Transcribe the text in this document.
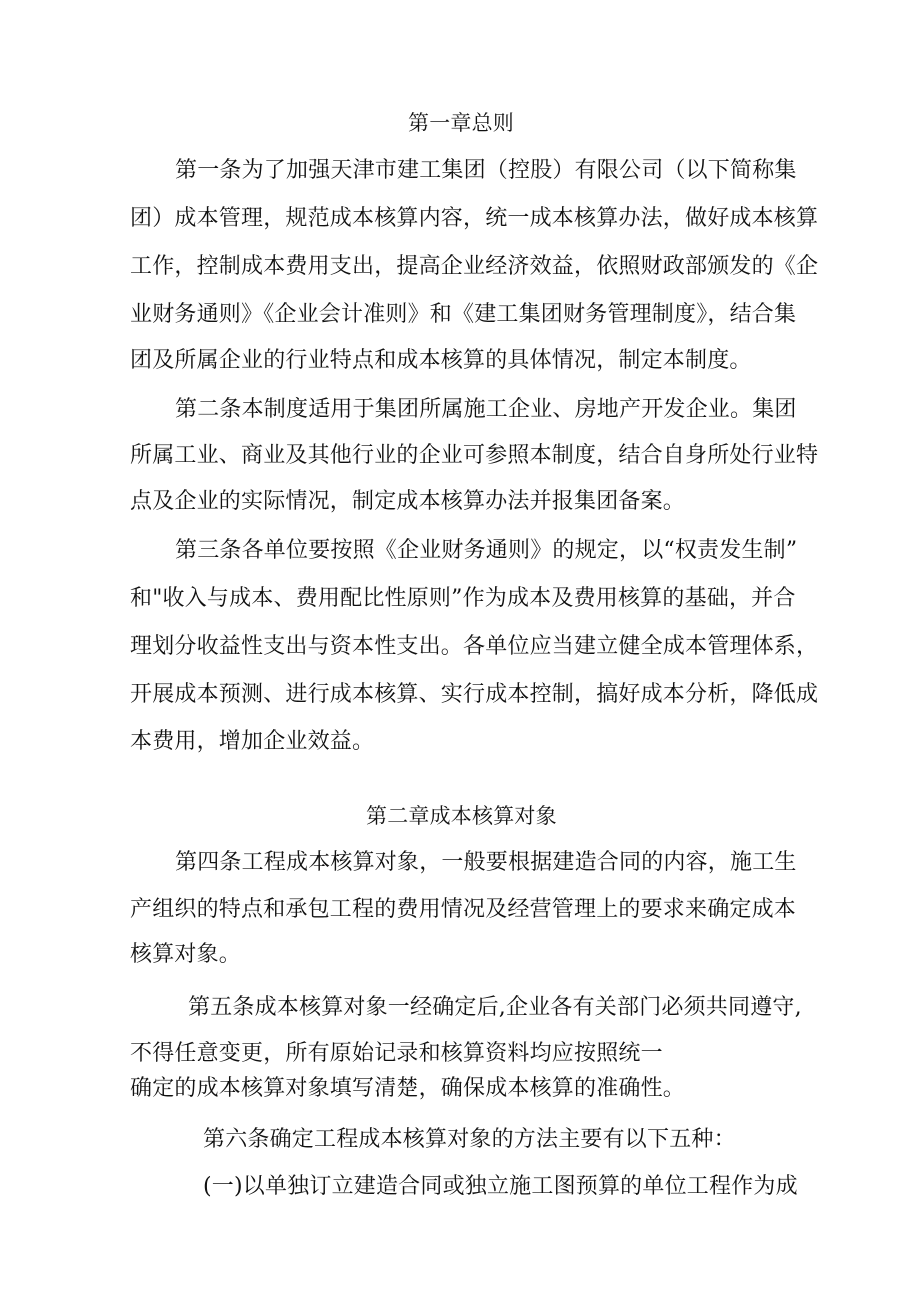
第一章总则
第一条为了加强天津市建工集团（控股）有限公司（以下简称集
团）成本管理，规范成本核算内容，统一成本核算办法，做好成本核算
工作，控制成本费用支出，提高企业经济效益，依照财政部颁发的《企
业财务通则》《企业会计准则》和《建工集团财务管理制度》，结合集
团及所属企业的行业特点和成本核算的具体情况，制定本制度。
第二条本制度适用于集团所属施工企业、房地产开发企业。集团
所属工业、商业及其他行业的企业可参照本制度，结合自身所处行业特
点及企业的实际情况，制定成本核算办法并报集团备案。
第三条各单位要按照《企业财务通则》的规定，以“权责发生制”
和"收入与成本、费用配比性原则”作为成本及费用核算的基础，并合
理划分收益性支出与资本性支出。各单位应当建立健全成本管理体系，
开展成本预测、进行成本核算、实行成本控制，搞好成本分析，降低成
本费用，增加企业效益。
第二章成本核算对象
第四条工程成本核算对象，一般要根据建造合同的内容，施工生
产组织的特点和承包工程的费用情况及经营管理上的要求来确定成本
核算对象。
第五条成本核算对象一经确定后,企业各有关部门必须共同遵守,
不得任意变更，所有原始记录和核算资料均应按照统一
确定的成本核算对象填写清楚，确保成本核算的准确性。
第六条确定工程成本核算对象的方法主要有以下五种：
(一)以单独订立建造合同或独立施工图预算的单位工程作为成
